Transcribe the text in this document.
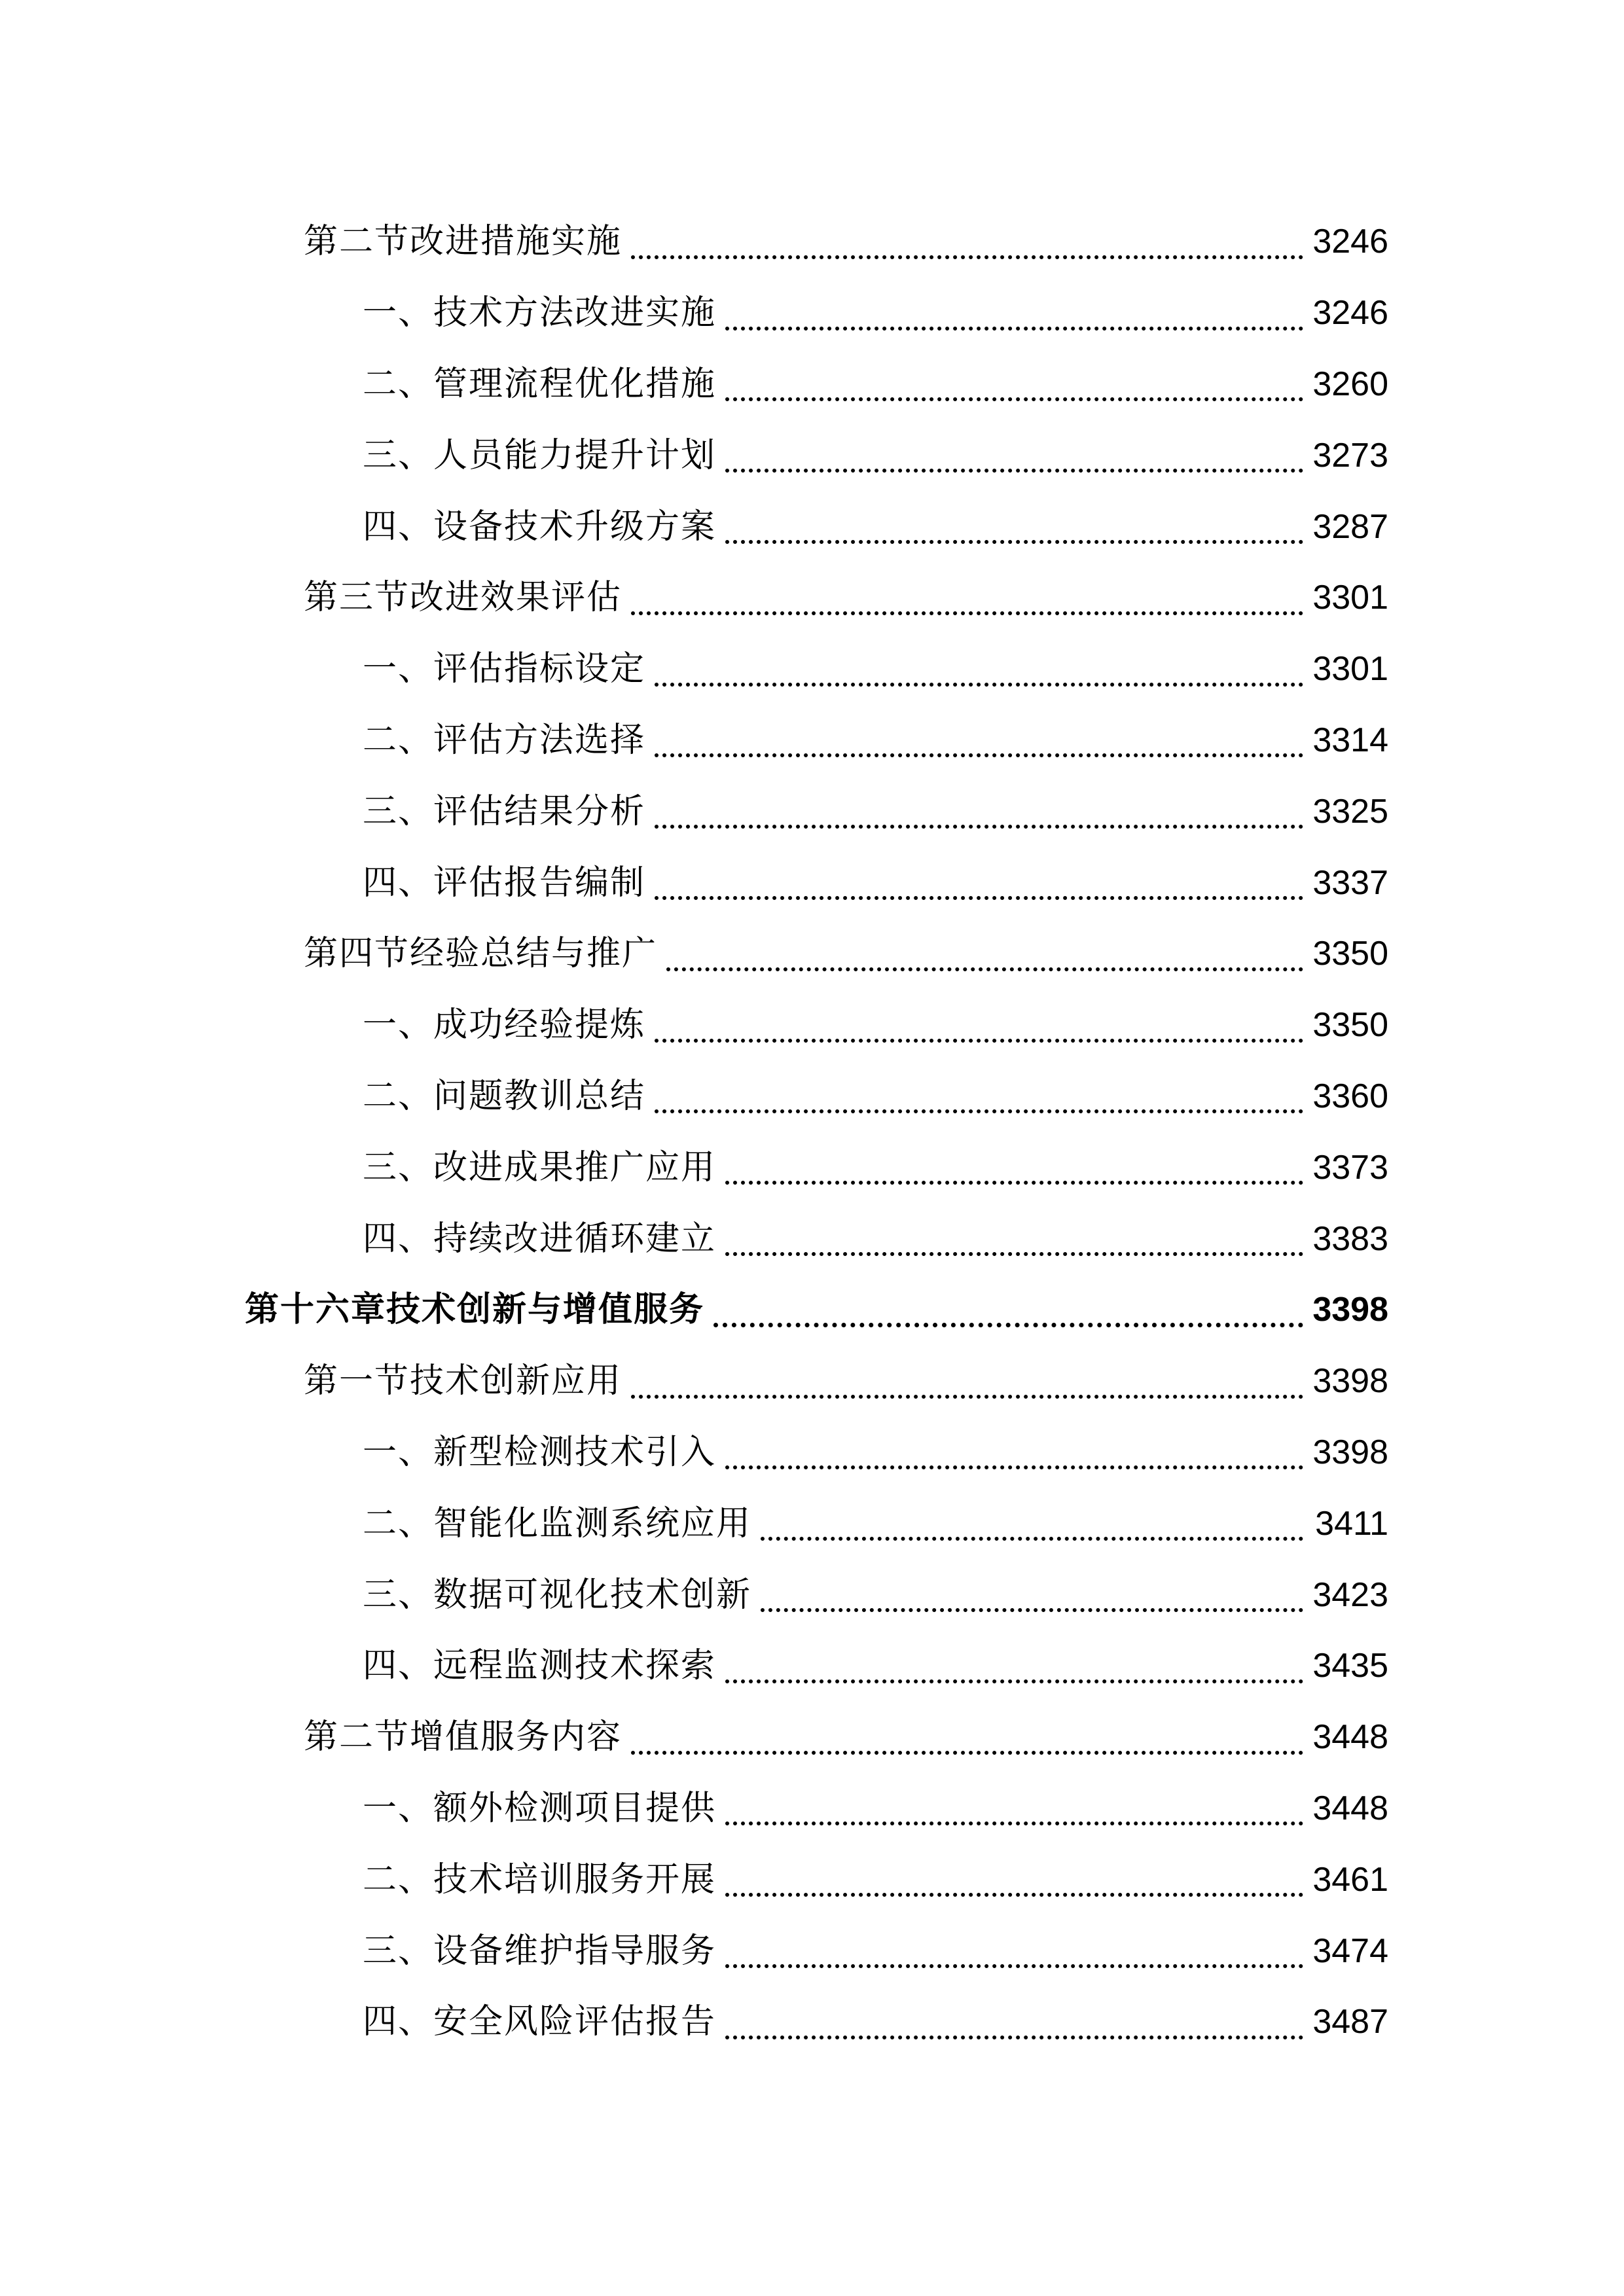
第二节改进措施实施	3246
一、技术方法改进实施	3246
二、管理流程优化措施	3260
三、人员能力提升计划	3273
四、设备技术升级方案	3287
第三节改进效果评估	3301
一、评估指标设定	3301
二、评估方法选择	3314
三、评估结果分析	3325
四、评估报告编制	3337
第四节经验总结与推广	3350
一、成功经验提炼	3350
二、问题教训总结	3360
三、改进成果推广应用	3373
四、持续改进循环建立	3383
第十六章技术创新与增值服务	3398
第一节技术创新应用	3398
一、新型检测技术引入	3398
二、智能化监测系统应用	3411
三、数据可视化技术创新	3423
四、远程监测技术探索	3435
第二节增值服务内容	3448
一、额外检测项目提供	3448
二、技术培训服务开展	3461
三、设备维护指导服务	3474
四、安全风险评估报告	3487
